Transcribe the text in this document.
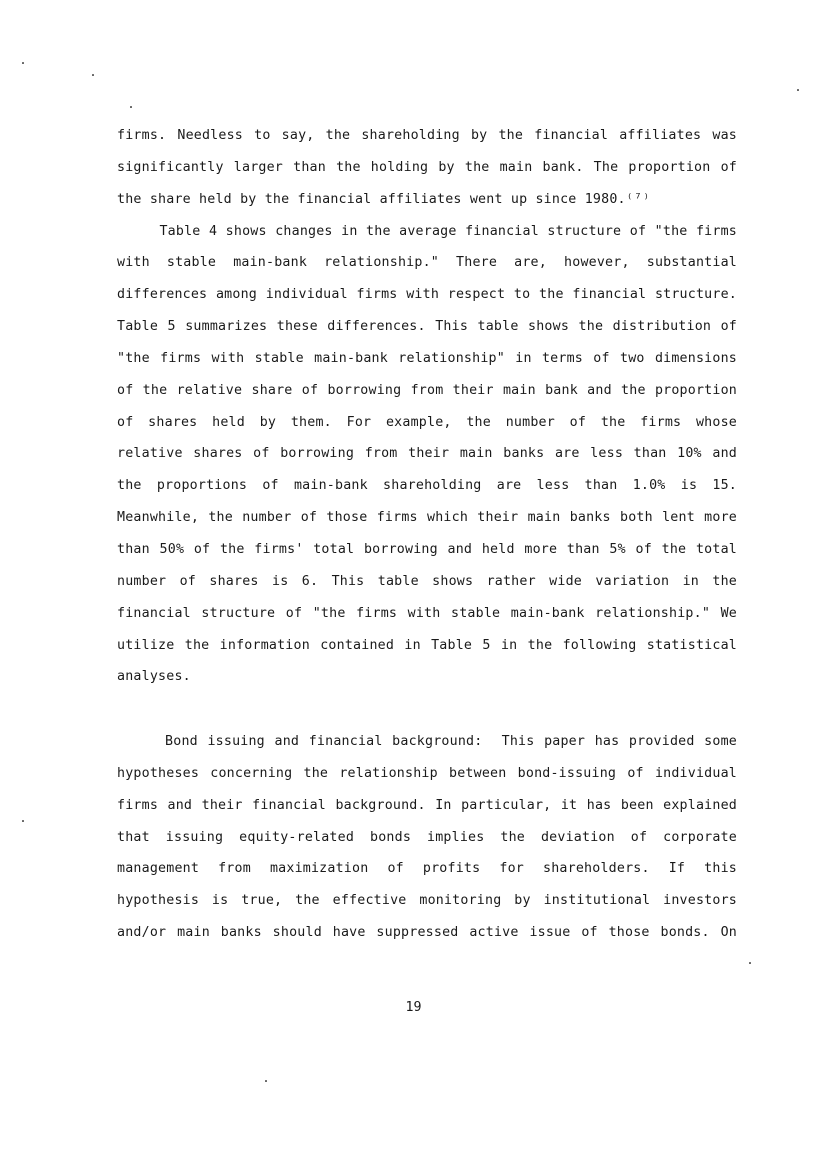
firms. Needless to say, the shareholding by the financial affiliates was
significantly larger than the holding by the main bank. The proportion of
the share held by the financial affiliates went up since 1980.⁽⁷⁾
Table 4 shows changes in the average financial structure of "the firms
with stable main-bank relationship." There are, however, substantial
differences among individual firms with respect to the financial structure.
Table 5 summarizes these differences. This table shows the distribution of
"the firms with stable main-bank relationship" in terms of two dimensions
of the relative share of borrowing from their main bank and the proportion
of shares held by them. For example, the number of the firms whose
relative shares of borrowing from their main banks are less than 10% and
the proportions of main-bank shareholding are less than 1.0% is 15.
Meanwhile, the number of those firms which their main banks both lent more
than 50% of the firms' total borrowing and held more than 5% of the total
number of shares is 6. This table shows rather wide variation in the
financial structure of "the firms with stable main-bank relationship." We
utilize the information contained in Table 5 in the following statistical
analyses.
Bond issuing and financial background:  This paper has provided some
hypotheses concerning the relationship between bond-issuing of individual
firms and their financial background. In particular, it has been explained
that issuing equity-related bonds implies the deviation of corporate
management from maximization of profits for shareholders. If this
hypothesis is true, the effective monitoring by institutional investors
and/or main banks should have suppressed active issue of those bonds. On
19
